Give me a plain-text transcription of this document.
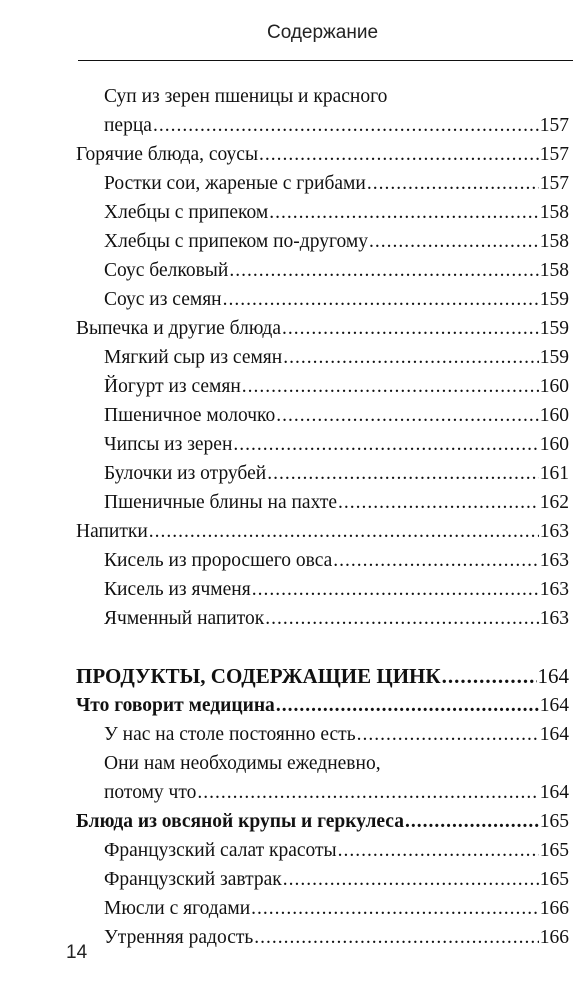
Содержание
Суп из зерен пшеницы и красного
перца .....	157
Горячие блюда, соусы .....	157
Ростки сои, жареные с грибами .....	157
Хлебцы с припеком .....	158
Хлебцы с припеком по-другому .....	158
Соус белковый .....	158
Соус из семян .....	159
Выпечка и другие блюда .....	159
Мягкий сыр из семян .....	159
Йогурт из семян .....	160
Пшеничное молочко .....	160
Чипсы из зерен .....	160
Булочки из отрубей .....	161
Пшеничные блины на пахте .....	162
Напитки .....	163
Кисель из проросшего овса .....	163
Кисель из ячменя .....	163
Ячменный напиток .....	163
ПРОДУКТЫ, СОДЕРЖАЩИЕ ЦИНК .....	164
Что говорит медицина .....	164
У нас на столе постоянно есть .....	164
Они нам необходимы ежедневно,
потому что .....	164
Блюда из овсяной крупы и геркулеса .....	165
Французский салат красоты .....	165
Французский завтрак .....	165
Мюсли с ягодами .....	166
Утренняя радость .....	166
14
